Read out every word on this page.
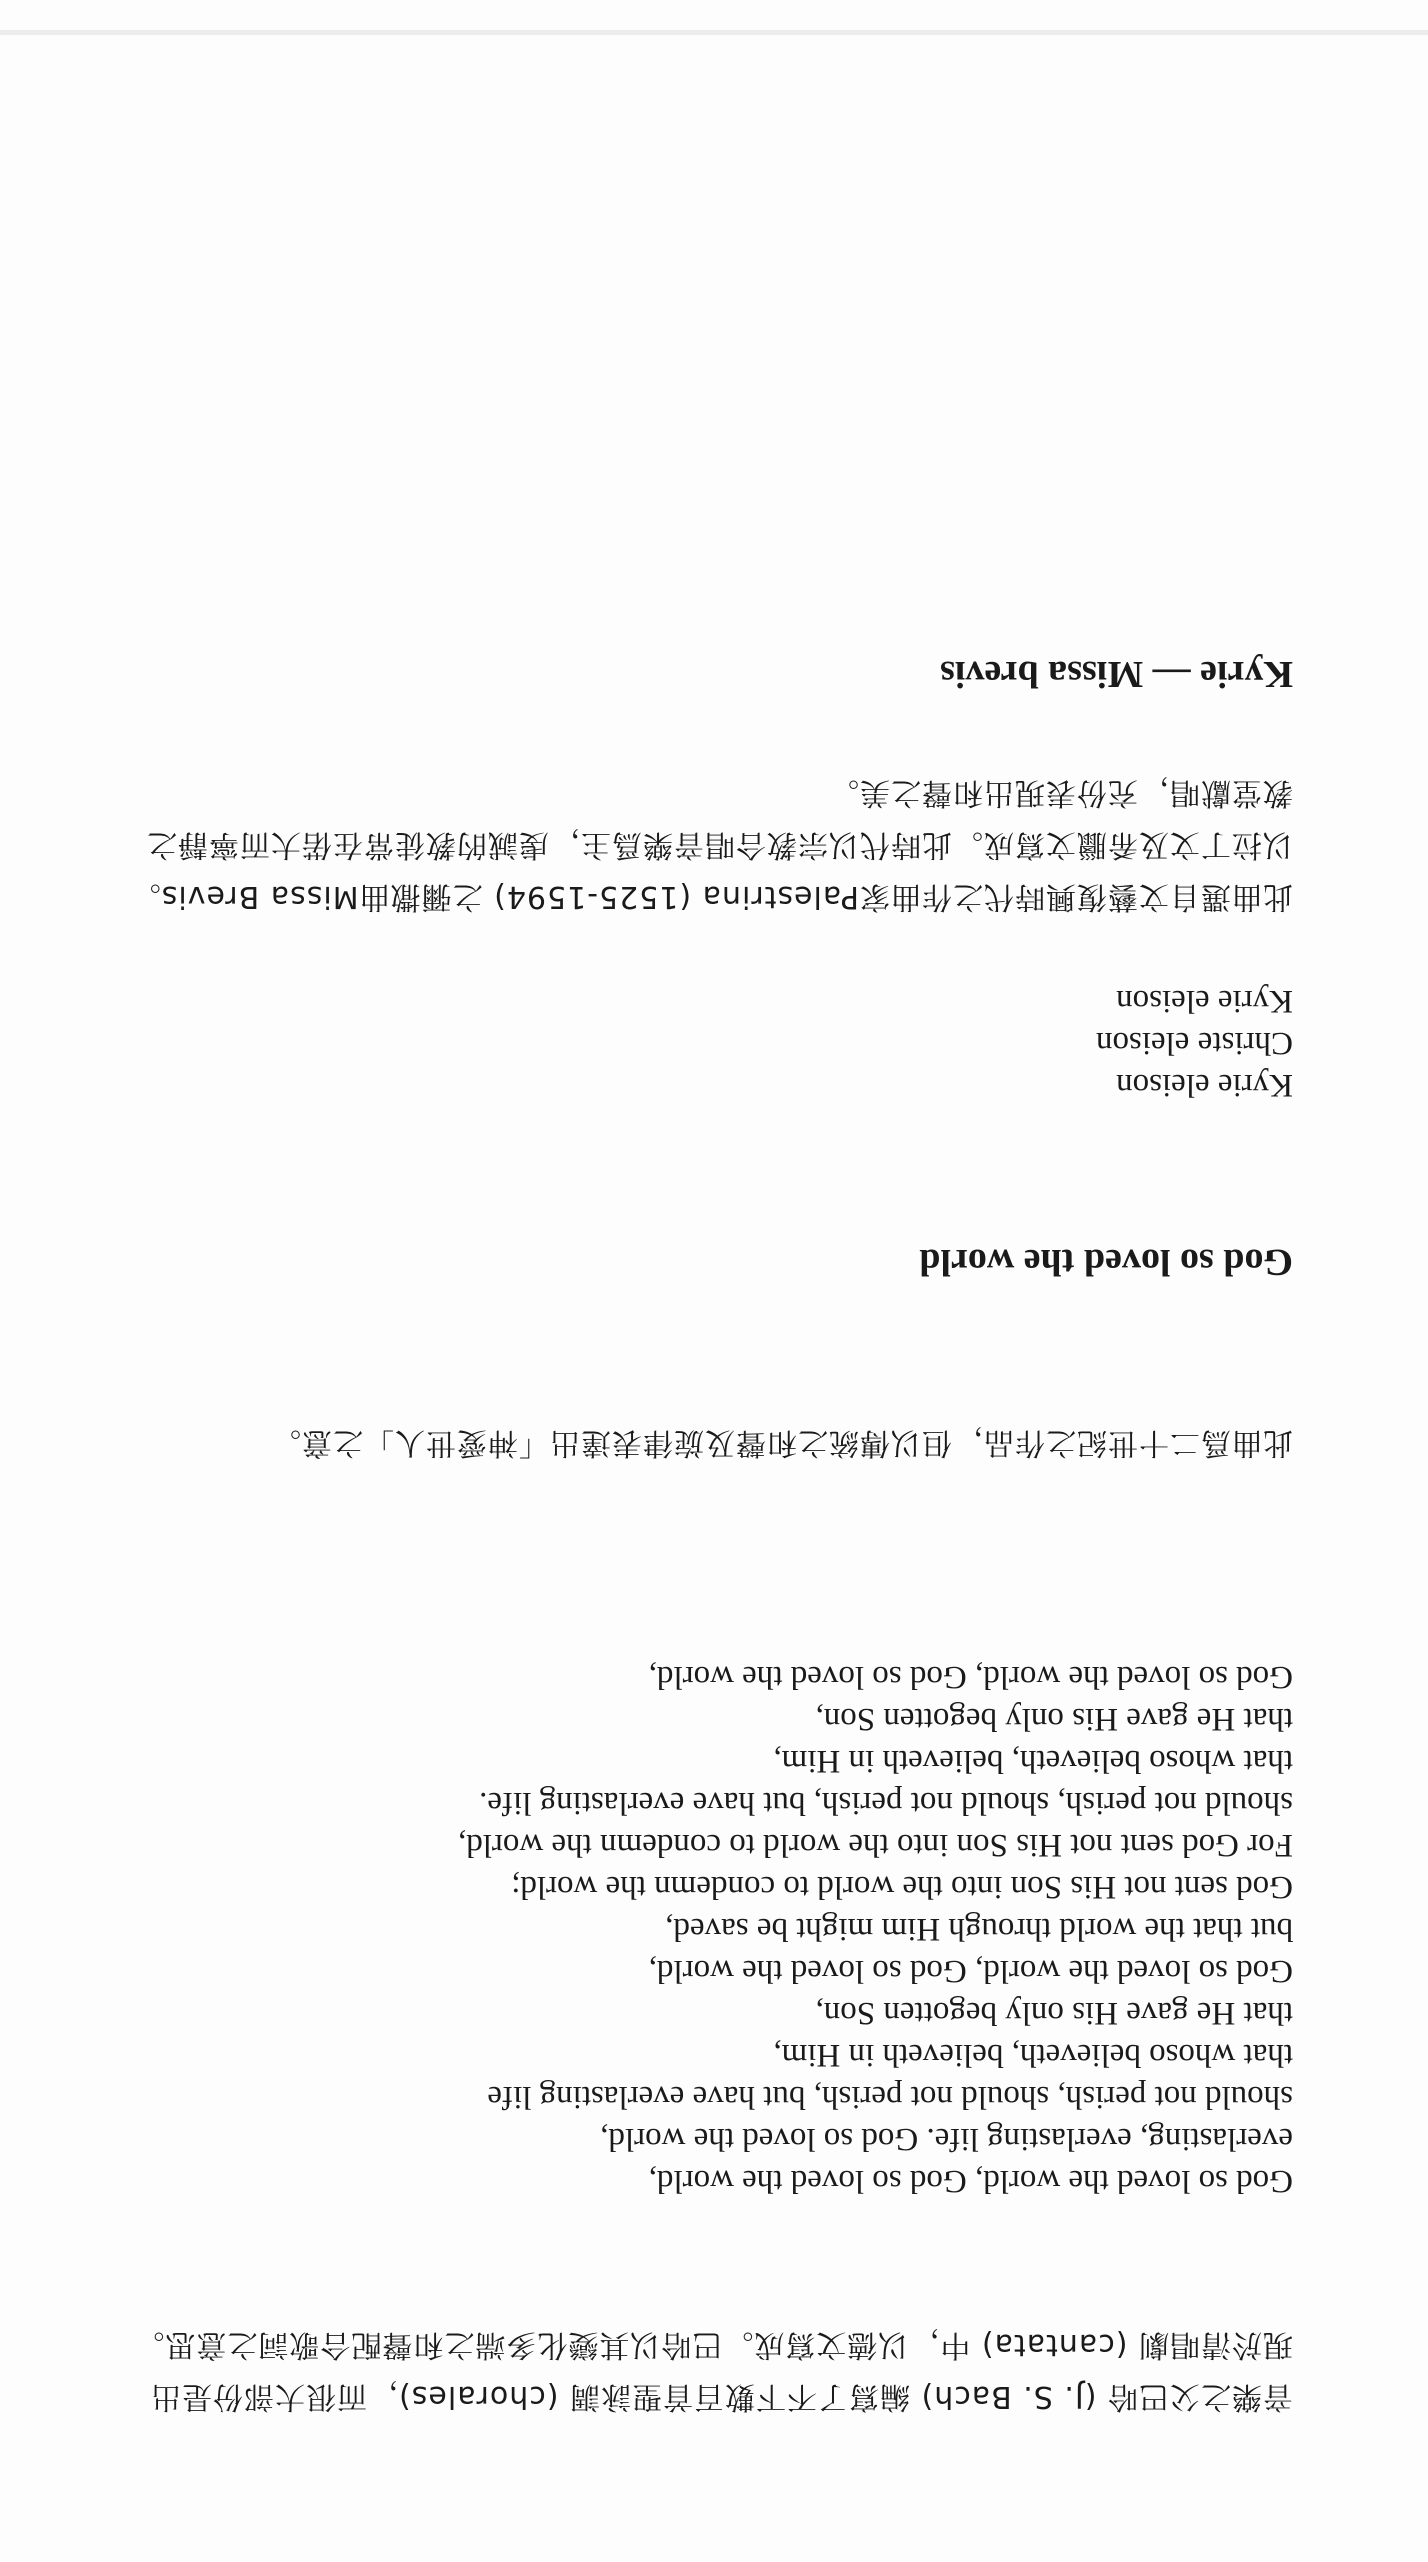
音樂之父巴哈 (J. S. Bach) 編寫了不下數百首聖詠調 (chorales)，而很大部份是出現於清唱劇 (cantata) 中，以德文寫成。巴哈以其變化多端之和聲配合歌詞之意思。

God so loved the world, God so loved the world,

everlasting, everlasting life. God so loved the world,

should not perish, should not perish, but have everlasting life

that whoso believeth, believeth in Him,

that He gave His only begotten Son,

God so loved the world, God so loved the world,

but that the world through Him might be saved,

God sent not His Son into the world to condemn the world;

For God sent not His Son into the world to condemn the world,

should not perish, should not perish, but have everlasting life.

that whoso believeth, believeth in Him,

that He gave His only begotten Son,

God so loved the world, God so loved the world,

此曲爲二十世紀之作品，但以傳統之和聲及旋律表達出「神愛世人」之意。

God so loved the world

Kyrie eleison

Christe eleison

Kyrie eleison

此曲選自文藝復興時代之作曲家Palestrina (1525-1594) 之彌撒曲Missa Brevis。以拉丁文及希臘文寫成。此時代以宗教合唱音樂爲主，虔誠的教徒常在偌大而寧靜之教堂獻唱，充份表現出和聲之美。

Kyrie — Missa brevis
